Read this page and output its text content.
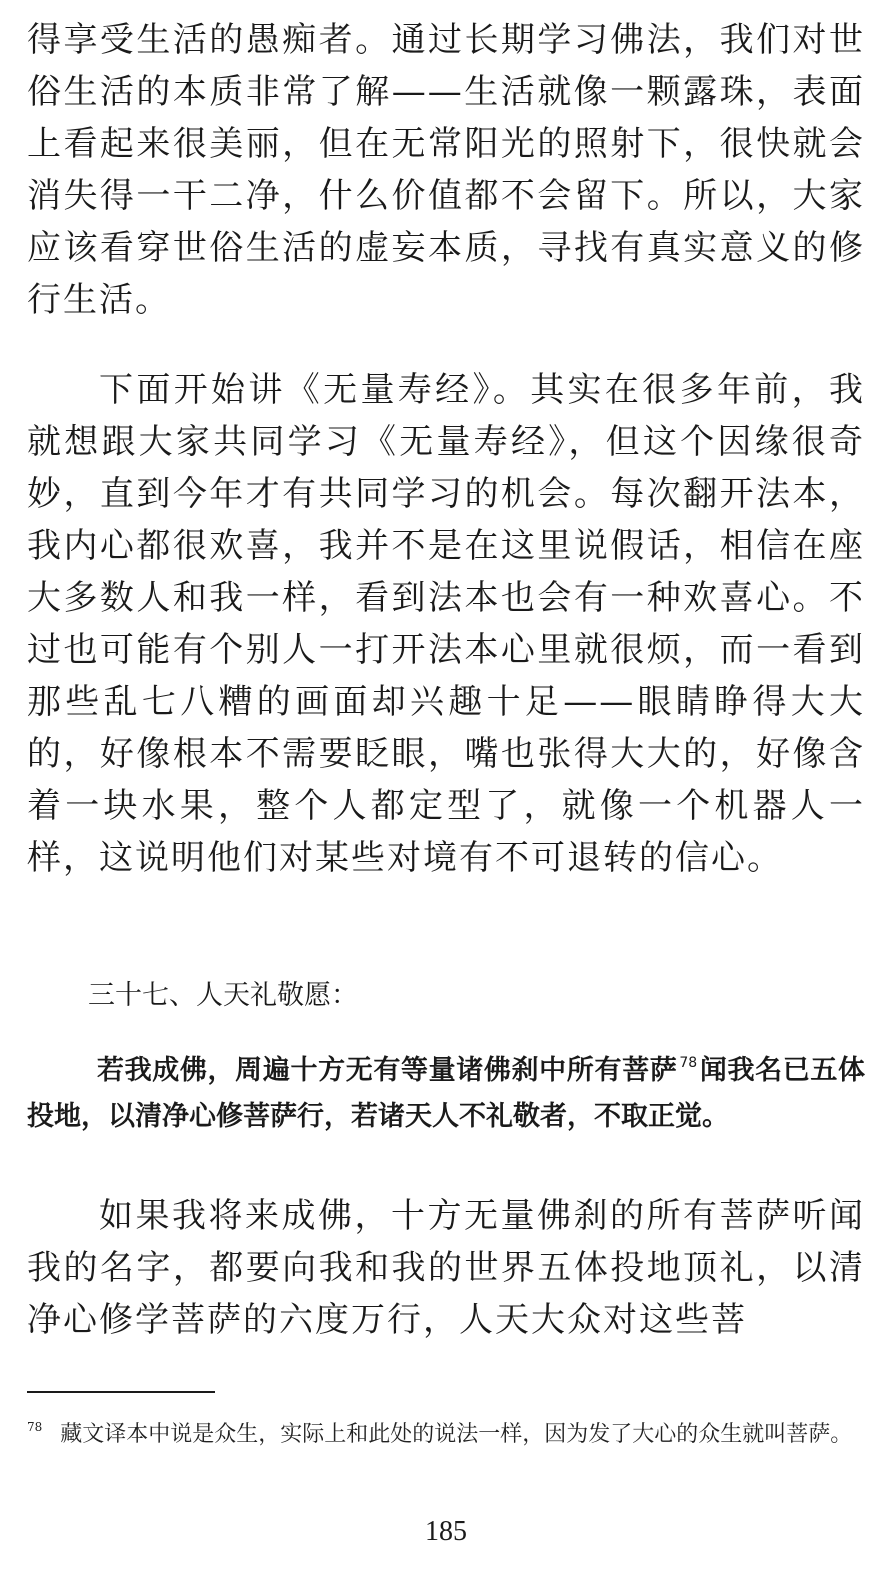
得享受生活的愚痴者。通过长期学习佛法，我们对世俗生活的本质非常了解——生活就像一颗露珠，表面上看起来很美丽，但在无常阳光的照射下，很快就会消失得一干二净，什么价值都不会留下。所以，大家应该看穿世俗生活的虚妄本质，寻找有真实意义的修行生活。

下面开始讲《无量寿经》。其实在很多年前，我就想跟大家共同学习《无量寿经》，但这个因缘很奇妙，直到今年才有共同学习的机会。每次翻开法本，我内心都很欢喜，我并不是在这里说假话，相信在座大多数人和我一样，看到法本也会有一种欢喜心。不过也可能有个别人一打开法本心里就很烦，而一看到那些乱七八糟的画面却兴趣十足——眼睛睁得大大的，好像根本不需要眨眼，嘴也张得大大的，好像含着一块水果，整个人都定型了，就像一个机器人一样，这说明他们对某些对境有不可退转的信心。

三十七、人天礼敬愿：

若我成佛，周遍十方无有等量诸佛刹中所有菩萨 $^{78}$闻我名已五体投地，以清净心修菩萨行，若诸天人不礼敬者，不取正觉。

如果我将来成佛，十方无量佛刹的所有菩萨听闻我的名字，都要向我和我的世界五体投地顶礼，以清净心修学菩萨的六度万行，人天大众对这些菩

$^{78}$ 藏文译本中说是众生，实际上和此处的说法一样，因为发了大心的众生就叫菩萨。

185
